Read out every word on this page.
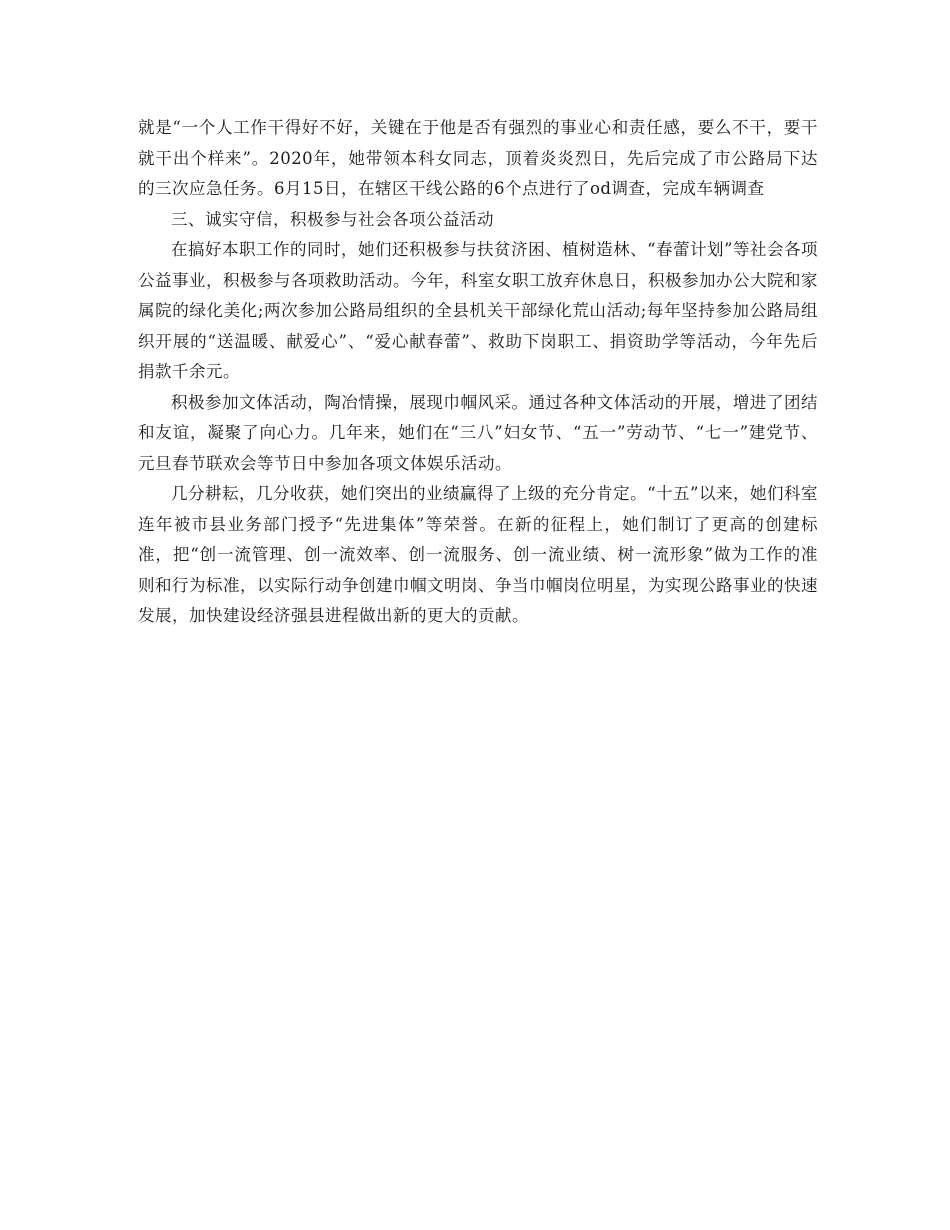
就是“一个人工作干得好不好，关键在于他是否有强烈的事业心和责任感，要么不干，要干就干出个样来”。2020年，她带领本科女同志，顶着炎炎烈日，先后完成了市公路局下达的三次应急任务。6月15日，在辖区干线公路的6个点进行了od调查，完成车辆调查

三、诚实守信，积极参与社会各项公益活动

在搞好本职工作的同时，她们还积极参与扶贫济困、植树造林、“春蕾计划”等社会各项公益事业，积极参与各项救助活动。今年，科室女职工放弃休息日，积极参加办公大院和家属院的绿化美化;两次参加公路局组织的全县机关干部绿化荒山活动;每年坚持参加公路局组织开展的“送温暖、献爱心”、“爱心献春蕾”、救助下岗职工、捐资助学等活动，今年先后捐款千余元。

积极参加文体活动，陶冶情操，展现巾帼风采。通过各种文体活动的开展，增进了团结和友谊，凝聚了向心力。几年来，她们在“三八”妇女节、“五一”劳动节、“七一”建党节、元旦春节联欢会等节日中参加各项文体娱乐活动。

几分耕耘，几分收获，她们突出的业绩赢得了上级的充分肯定。“十五”以来，她们科室连年被市县业务部门授予“先进集体”等荣誉。在新的征程上，她们制订了更高的创建标准，把“创一流管理、创一流效率、创一流服务、创一流业绩、树一流形象”做为工作的准则和行为标准，以实际行动争创建巾帼文明岗、争当巾帼岗位明星，为实现公路事业的快速发展，加快建设经济强县进程做出新的更大的贡献。
